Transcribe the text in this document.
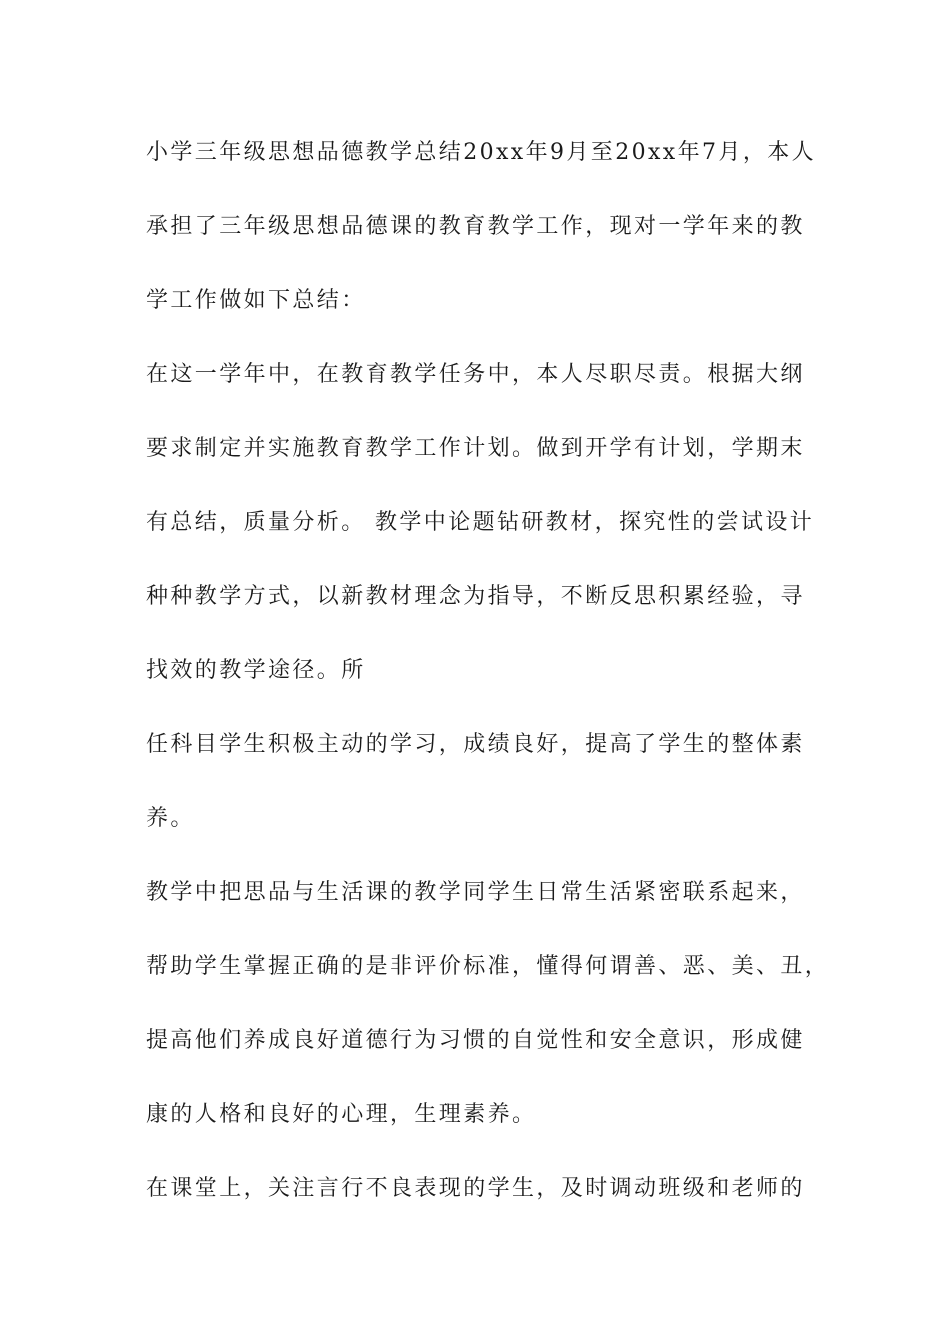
小学三年级思想品德教学总结20xx年9月至20xx年7月，本人
承担了三年级思想品德课的教育教学工作，现对一学年来的教
学工作做如下总结：
在这一学年中，在教育教学任务中，本人尽职尽责。根据大纲
要求制定并实施教育教学工作计划。做到开学有计划，学期末
有总结，质量分析。 教学中论题钻研教材，探究性的尝试设计
种种教学方式，以新教材理念为指导，不断反思积累经验，寻
找效的教学途径。所
任科目学生积极主动的学习，成绩良好，提高了学生的整体素
养。
教学中把思品与生活课的教学同学生日常生活紧密联系起来，
帮助学生掌握正确的是非评价标准，懂得何谓善、恶、美、丑，
提高他们养成良好道德行为习惯的自觉性和安全意识，形成健
康的人格和良好的心理，生理素养。
在课堂上，关注言行不良表现的学生，及时调动班级和老师的
